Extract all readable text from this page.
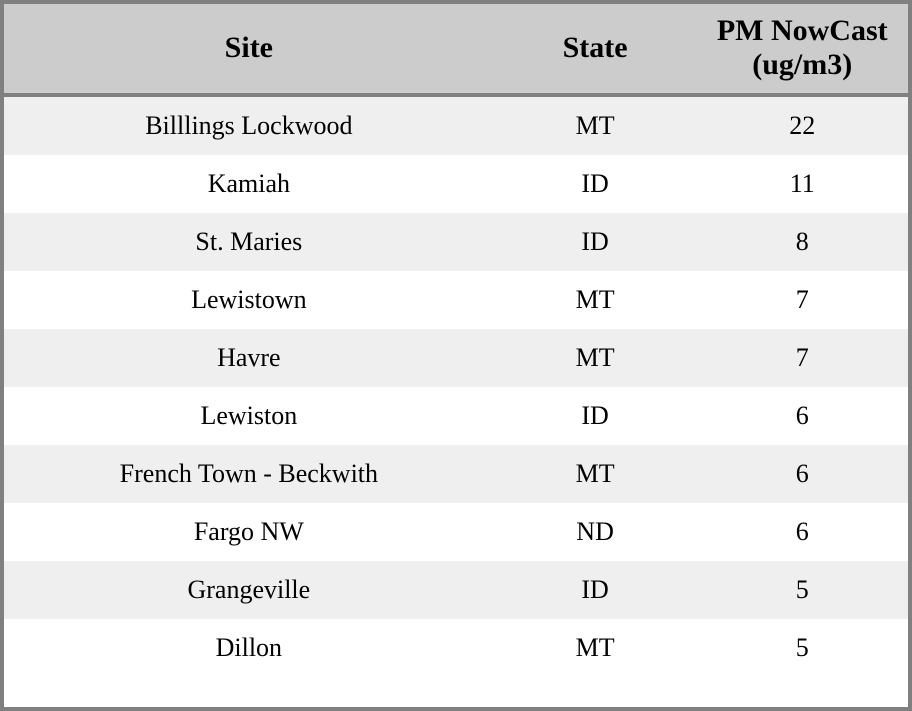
Site	State	PM NowCast (ug/m3)
Billlings Lockwood	MT	22
Kamiah	ID	11
St. Maries	ID	8
Lewistown	MT	7
Havre	MT	7
Lewiston	ID	6
French Town - Beckwith	MT	6
Fargo NW	ND	6
Grangeville	ID	5
Dillon	MT	5
